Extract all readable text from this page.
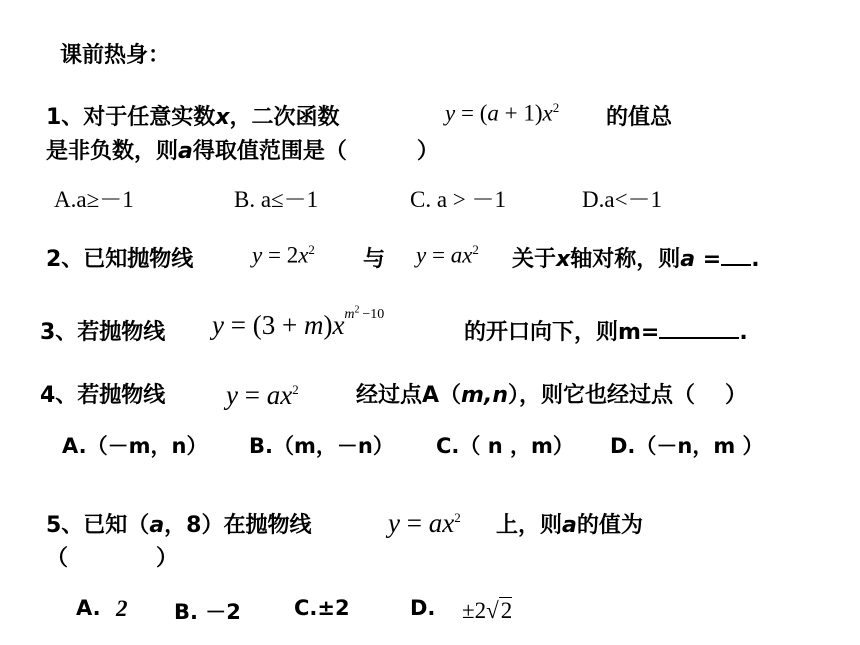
课前热身：
1、对于任意实数x，二次函数	$y = (a + 1)x^2$ 的值总
是非负数，则a得取值范围是（	）
A.a≥－1	B. a≤－1	C. a > －1	D.a<－1
2、已知抛物线	$y = 2x^2$ 与 $y = ax^2$ 关于x轴对称，则a = .
3、若抛物线 $y = (3 + m)x^{m^2 -10}$
的开口向下，则m=	.
4、若抛物线 $y = ax^2$	经过点A（m,n），则它也经过点（ ）
A.（－m，n） B.（m，－n） C.（ n ，m） D.（－n，m ）
5、已知（a，8）在抛物线	$y = ax^2$ 上，则a的值为
（　　　　）
A. 2 B. －2	C.±2	D. ±2√2
